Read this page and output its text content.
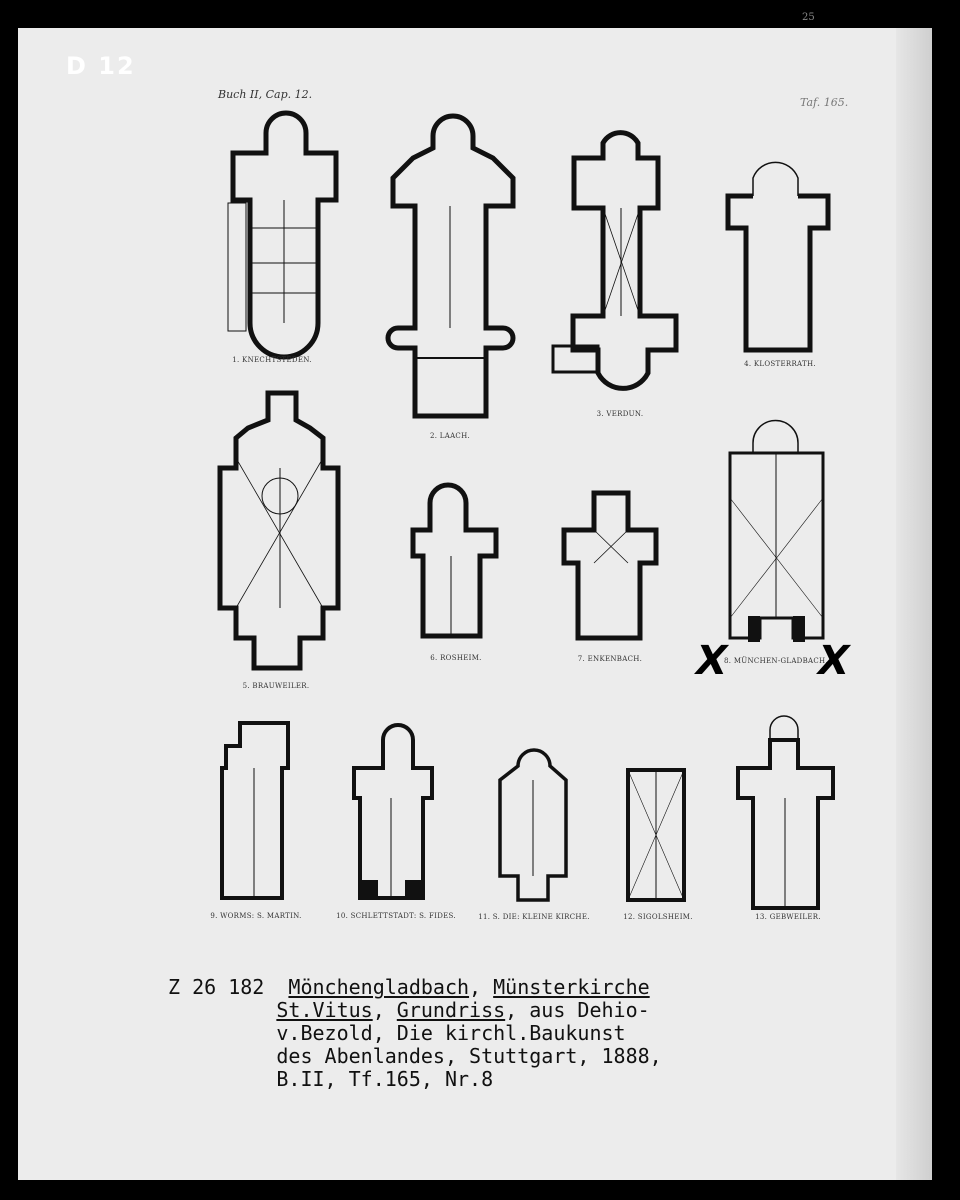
D 12
25
Buch II, Cap. 12.
Taf. 165.
1. KNECHTSTEDEN.
2. LAACH.
3. VERDUN.
4. KLOSTERRATH.
5. BRAUWEILER.
6. ROSHEIM.	7. ENKENBACH.	8. MÜNCHEN-GLADBACH.
9. WORMS: S. MARTIN.	10. SCHLETTSTADT: S. FIDES.	11. S. DIE: KLEINE KIRCHE.	12. SIGOLSHEIM.	13. GEBWEILER.
X X
Z 26 182 Mönchengladbach, Münsterkirche
St.Vitus, Grundriss, aus Dehio-
v.Bezold, Die kirchl.Baukunst
des Abenlandes, Stuttgart, 1888,
B.II, Tf.165, Nr.8
